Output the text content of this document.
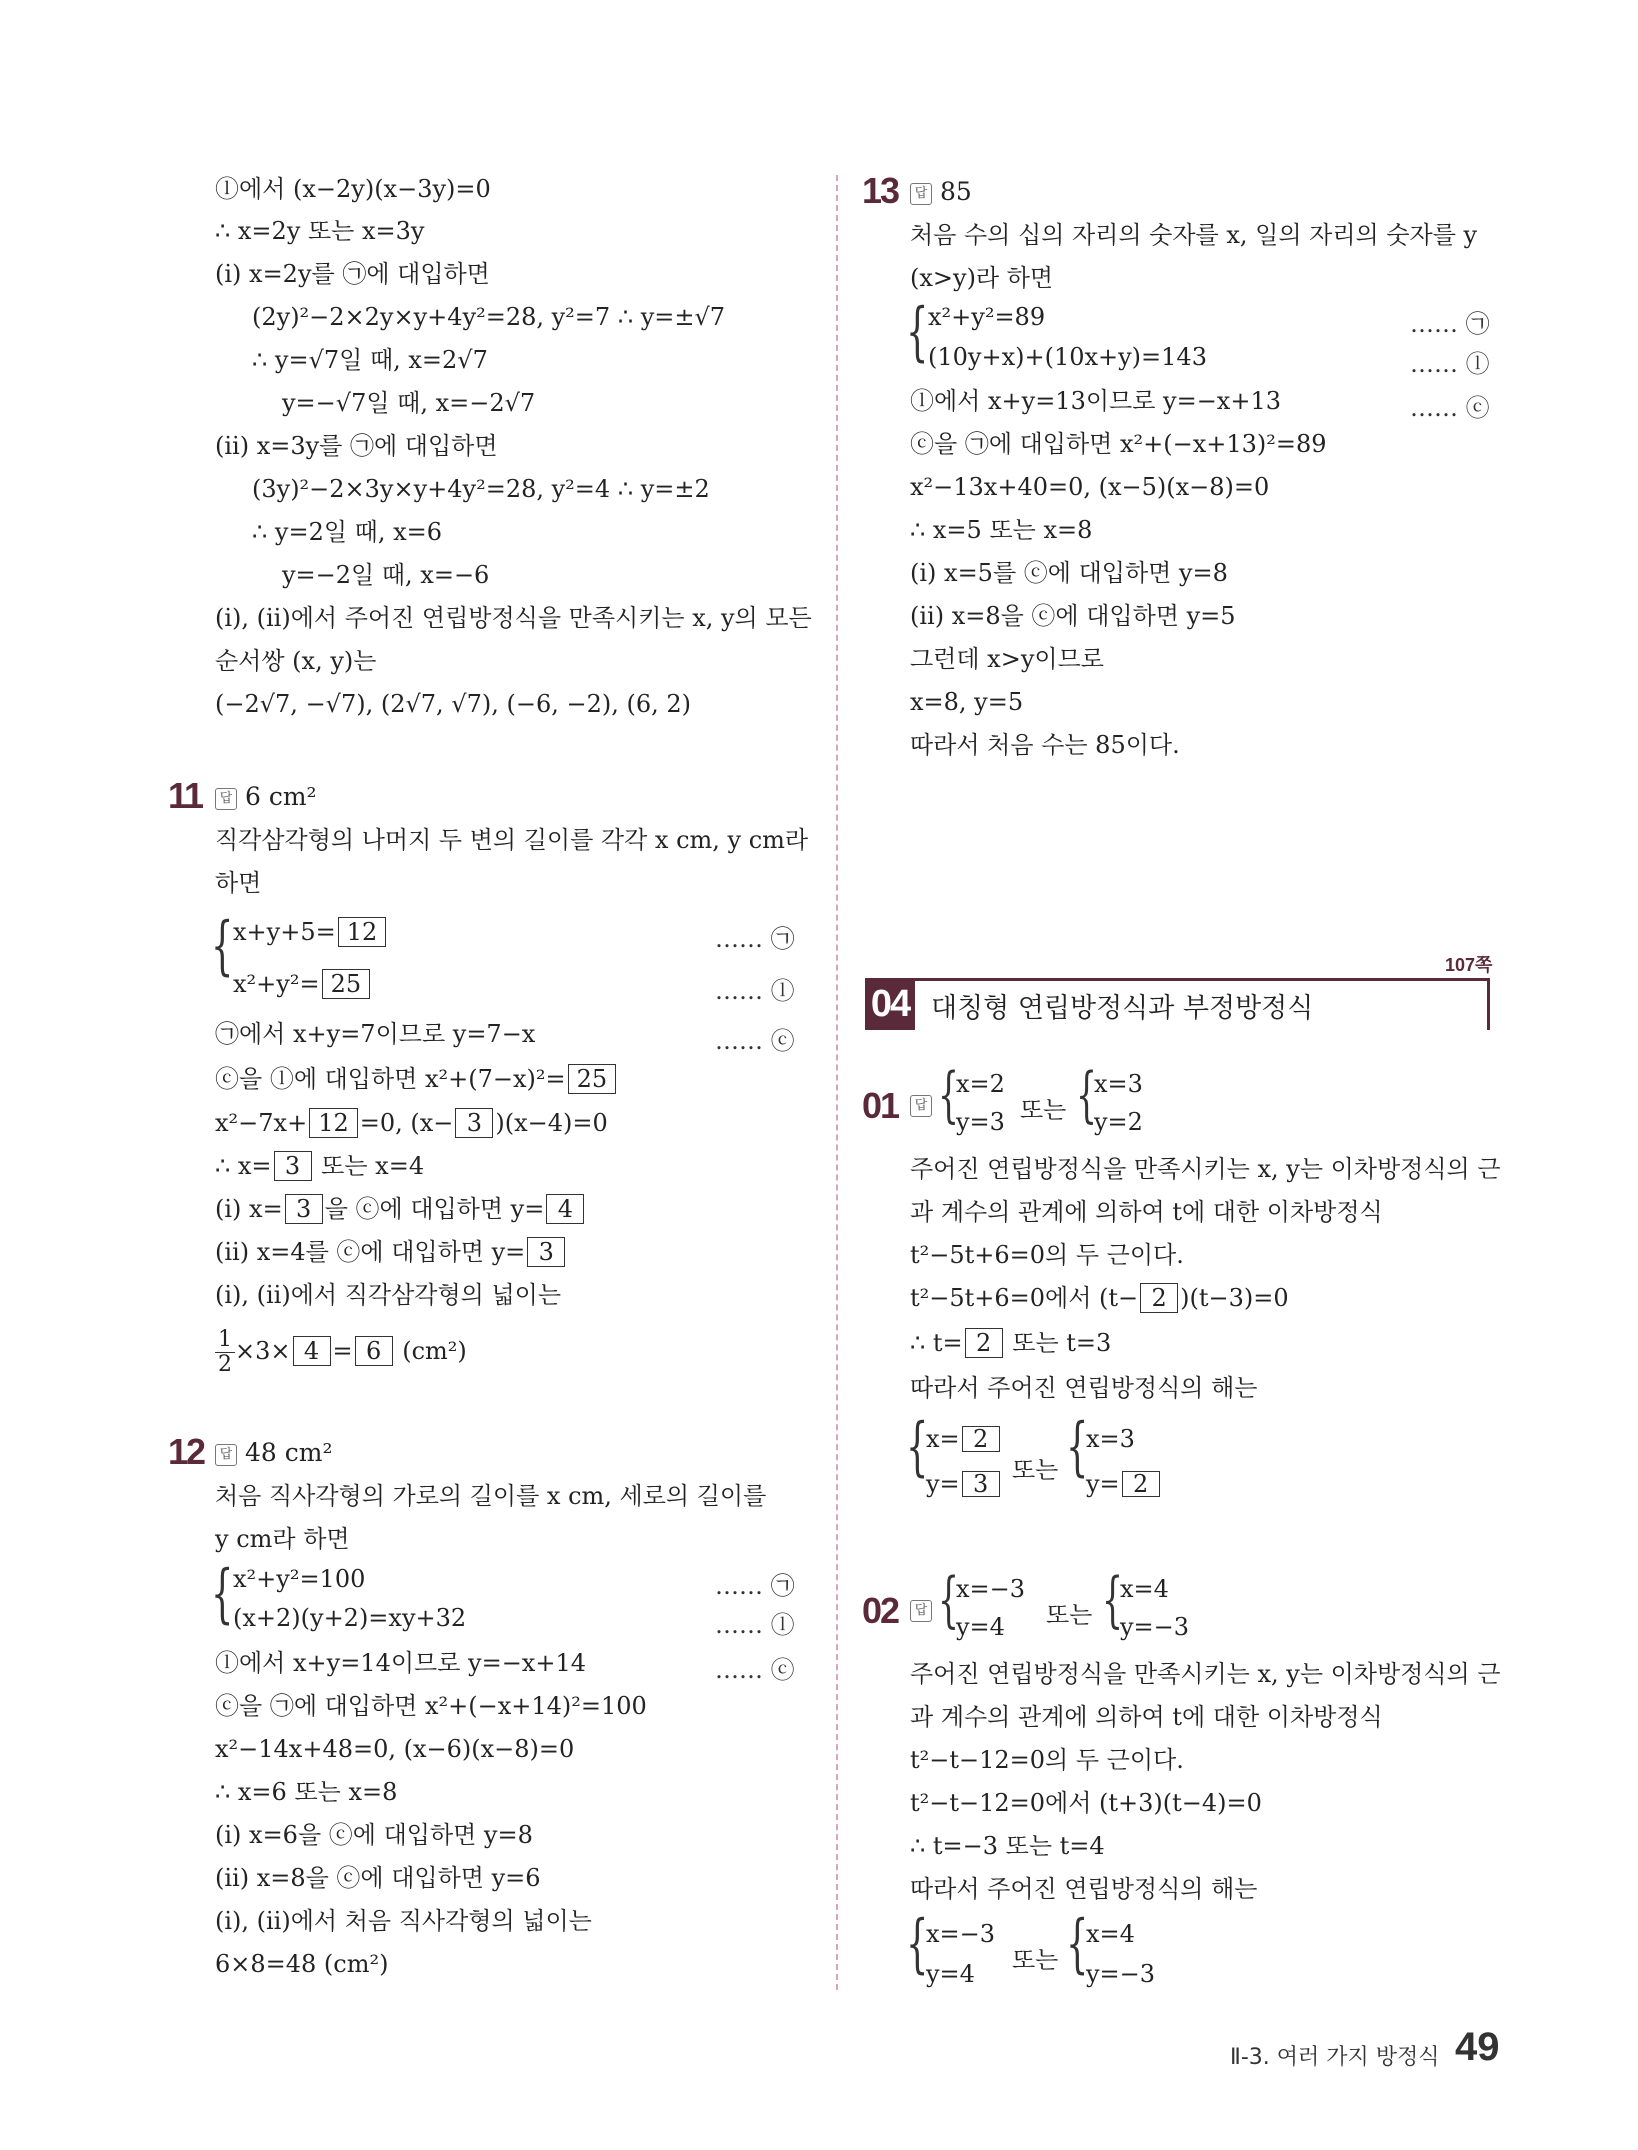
ⓛ에서 (x−2y)(x−3y)=0
∴ x=2y 또는 x=3y
(ⅰ) x=2y를 ㉠에 대입하면
(2y)²−2×2y×y+4y²=28, y²=7 ∴ y=±√7
∴ y=√7일 때, x=2√7
y=−√7일 때, x=−2√7
(ⅱ) x=3y를 ㉠에 대입하면
(3y)²−2×3y×y+4y²=28, y²=4 ∴ y=±2
∴ y=2일 때, x=6
y=−2일 때, x=−6
(ⅰ), (ⅱ)에서 주어진 연립방정식을 만족시키는 x, y의 모든
순서쌍 (x, y)는
(−2√7, −√7), (2√7, √7), (−6, −2), (6, 2)
11	답 6 cm²
직각삼각형의 나머지 두 변의 길이를 각각 x cm, y cm라
하면
{ x+y+5= 12	…… ㉠
x²+y²= 25	…… ⓛ
㉠에서 x+y=7이므로 y=7−x	…… ⓒ
ⓒ을 ⓛ에 대입하면 x²+(7−x)²= 25
x²−7x+ 12 =0, (x− 3 )(x−4)=0
∴ x= 3 또는 x=4
(ⅰ) x= 3 을 ⓒ에 대입하면 y= 4
(ⅱ) x=4를 ⓒ에 대입하면 y= 3
(ⅰ), (ⅱ)에서 직각삼각형의 넓이는
$\frac{1}{2} \times 3\times 4 = 6$ (cm²)
12	답 48 cm²
처음 직사각형의 가로의 길이를 x cm, 세로의 길이를
y cm라 하면
{ x²+y²=100	…… ㉠
(x+2)(y+2)=xy+32	…… ⓛ
ⓛ에서 x+y=14이므로 y=−x+14	…… ⓒ
ⓒ을 ㉠에 대입하면 x²+(−x+14)²=100
x²−14x+48=0, (x−6)(x−8)=0
∴ x=6 또는 x=8
(ⅰ) x=6을 ⓒ에 대입하면 y=8
(ⅱ) x=8을 ⓒ에 대입하면 y=6
(ⅰ), (ⅱ)에서 처음 직사각형의 넓이는
6×8=48 (cm²)
13	답 85
처음 수의 십의 자리의 숫자를 x, 일의 자리의 숫자를 y
(x>y)라 하면
{ x²+y²=89	…… ㉠
(10y+x)+(10x+y)=143	…… ⓛ
ⓛ에서 x+y=13이므로 y=−x+13	…… ⓒ
ⓒ을 ㉠에 대입하면 x²+(−x+13)²=89
x²−13x+40=0, (x−5)(x−8)=0
∴ x=5 또는 x=8
(ⅰ) x=5를 ⓒ에 대입하면 y=8
(ⅱ) x=8을 ⓒ에 대입하면 y=5
그런데 x>y이므로
x=8, y=5
따라서 처음 수는 85이다.
107쪽
04 대칭형 연립방정식과 부정방정식
01	답 {
x=2
y=3 또는 {
x=3
y=2
주어진 연립방정식을 만족시키는 x, y는 이차방정식의 근
과 계수의 관계에 의하여 t에 대한 이차방정식
t²−5t+6=0의 두 근이다.
t²−5t+6=0에서 (t− 2 )(t−3)=0
∴ t= 2 또는 t=3
따라서 주어진 연립방정식의 해는
{
x= 2
y= 3 또는 {
x=3
y= 2
02	답 {
x=−3
y=4 또는 {
x=4
y=−3
주어진 연립방정식을 만족시키는 x, y는 이차방정식의 근
과 계수의 관계에 의하여 t에 대한 이차방정식
t²−t−12=0의 두 근이다.
t²−t−12=0에서 (t+3)(t−4)=0
∴ t=−3 또는 t=4
따라서 주어진 연립방정식의 해는
{
x=−3
y=4 또는 {
x=4
y=−3
Ⅱ-3. 여러 가지 방정식 49
